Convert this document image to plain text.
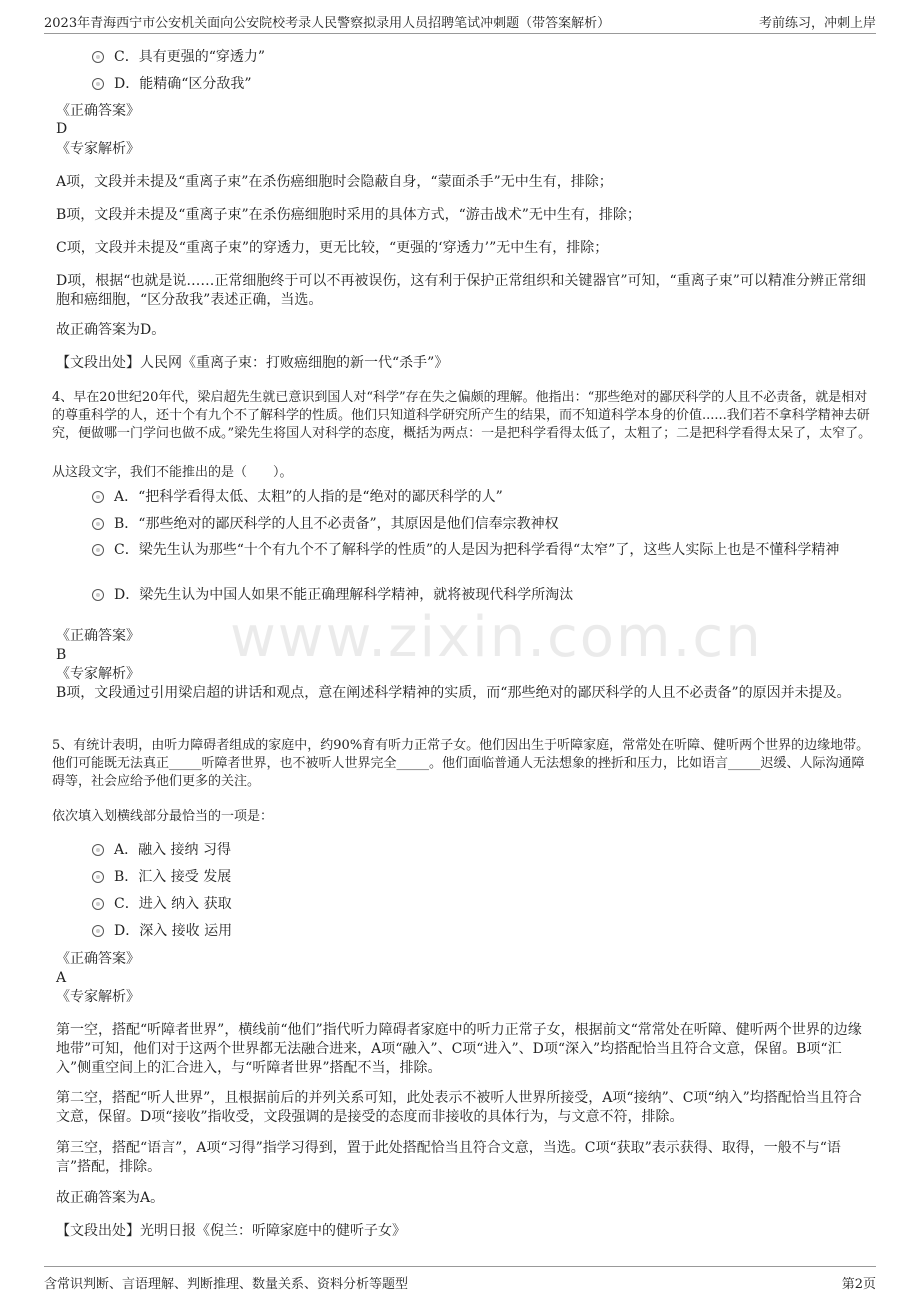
2023年青海西宁市公安机关面向公安院校考录人民警察拟录用人员招聘笔试冲刺题（带答案解析）	考前练习，冲刺上岸
www.zixin.com.cn
C．具有更强的“穿透力”
D．能精确“区分敌我”
《正确答案》
D
《专家解析》
A项，文段并未提及“重离子束”在杀伤癌细胞时会隐蔽自身，“蒙面杀手”无中生有，排除；
B项，文段并未提及“重离子束”在杀伤癌细胞时采用的具体方式，“游击战术”无中生有，排除；
C项，文段并未提及“重离子束”的穿透力，更无比较，“更强的‘穿透力’”无中生有，排除；
D项，根据“也就是说……正常细胞终于可以不再被误伤，这有利于保护正常组织和关键器官”可知，“重离子束”可以精准分辨正常细胞和癌细胞，“区分敌我”表述正确，当选。
故正确答案为D。
【文段出处】人民网《重离子束：打败癌细胞的新一代“杀手”》
4、早在20世纪20年代，梁启超先生就已意识到国人对“科学”存在失之偏颇的理解。他指出：“那些绝对的鄙厌科学的人且不必责备，就是相对的尊重科学的人，还十个有九个不了解科学的性质。他们只知道科学研究所产生的结果，而不知道科学本身的价值......我们若不拿科学精神去研究，便做哪一门学问也做不成。”梁先生将国人对科学的态度，概括为两点：一是把科学看得太低了，太粗了；二是把科学看得太呆了，太窄了。
从这段文字，我们不能推出的是（　　）。
A．“把科学看得太低、太粗”的人指的是“绝对的鄙厌科学的人”
B．“那些绝对的鄙厌科学的人且不必责备”，其原因是他们信奉宗教神权
C．梁先生认为那些“十个有九个不了解科学的性质”的人是因为把科学看得“太窄”了，这些人实际上也是不懂科学精神
D．梁先生认为中国人如果不能正确理解科学精神，就将被现代科学所淘汰
《正确答案》
B
《专家解析》
B项，文段通过引用梁启超的讲话和观点，意在阐述科学精神的实质，而“那些绝对的鄙厌科学的人且不必责备”的原因并未提及。
5、有统计表明，由听力障碍者组成的家庭中，约90%育有听力正常子女。他们因出生于听障家庭，常常处在听障、健听两个世界的边缘地带。他们可能既无法真正_____听障者世界，也不被听人世界完全_____。他们面临普通人无法想象的挫折和压力，比如语言_____迟缓、人际沟通障碍等，社会应给予他们更多的关注。
依次填入划横线部分最恰当的一项是：
A．融入 接纳 习得
B．汇入 接受 发展
C．进入 纳入 获取
D．深入 接收 运用
《正确答案》
A
《专家解析》
第一空，搭配“听障者世界”，横线前“他们”指代听力障碍者家庭中的听力正常子女，根据前文“常常处在听障、健听两个世界的边缘地带”可知，他们对于这两个世界都无法融合进来，A项“融入”、C项“进入”、D项“深入”均搭配恰当且符合文意，保留。B项“汇入”侧重空间上的汇合进入，与“听障者世界”搭配不当，排除。
第二空，搭配“听人世界”，且根据前后的并列关系可知，此处表示不被听人世界所接受，A项“接纳”、C项“纳入”均搭配恰当且符合文意，保留。D项“接收”指收受，文段强调的是接受的态度而非接收的具体行为，与文意不符，排除。
第三空，搭配“语言”，A项“习得”指学习得到，置于此处搭配恰当且符合文意，当选。C项“获取”表示获得、取得，一般不与“语言”搭配，排除。
故正确答案为A。
【文段出处】光明日报《倪兰：听障家庭中的健听子女》
含常识判断、言语理解、判断推理、数量关系、资料分析等题型	第2页
